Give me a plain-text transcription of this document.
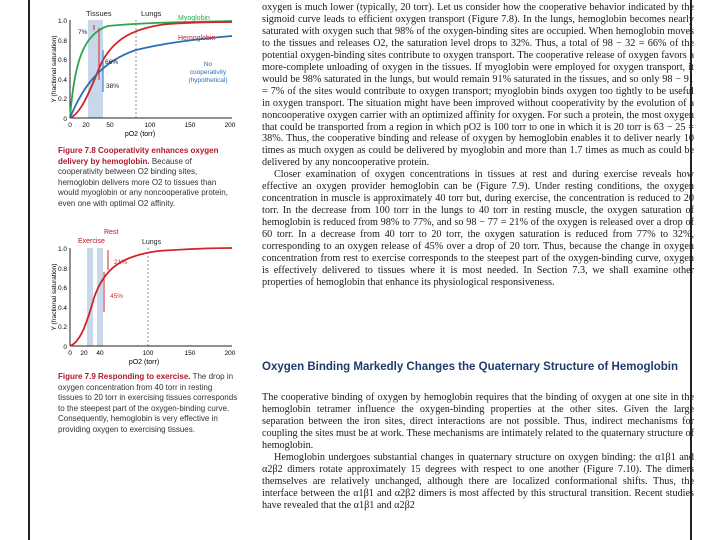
Tissues	Lungs
0
0.2
0.4
0.6
0.8
1.0
0 20	50	100	150	200
pO2 (torr)
Y (fractional saturation)
7%
66%
38%
Myoglobin
Hemoglobin
No
cooperativity
(hypothetical)
Figure 7.8 Cooperativity enhances oxygen delivery by hemoglobin. Because of cooperativity between O2 binding sites, hemoglobin delivers more O2 to tissues than would myoglobin or any noncooperative protein, even one with optimal O2 affinity.
Rest
Exercise	Lungs
0
0.2
0.4
0.6
0.8
1.0
0 20 40	100	150	200
pO2 (torr)
Y (fractional saturation)
21%
45%
Figure 7.9 Responding to exercise. The drop in oxygen concentration from 40 torr in resting tissues to 20 torr in exercising tissues corresponds to the steepest part of the oxygen-binding curve. Consequently, hemoglobin is very effective in providing oxygen to exercising tissues.

oxygen is much lower (typically, 20 torr). Let us consider how the cooperative behavior indicated by the sigmoid curve leads to efficient oxygen transport (Figure 7.8). In the lungs, hemoglobin becomes nearly saturated with oxygen such that 98% of the oxygen-binding sites are occupied. When hemoglobin moves to the tissues and releases O2, the saturation level drops to 32%. Thus, a total of 98 − 32 = 66% of the potential oxygen-binding sites contribute to oxygen transport. The cooperative release of oxygen favors a more-complete unloading of oxygen in the tissues. If myoglobin were employed for oxygen transport, it would be 98% saturated in the lungs, but would remain 91% saturated in the tissues, and so only 98 − 91 = 7% of the sites would contribute to oxygen transport; myoglobin binds oxygen too tightly to be useful in oxygen transport. The situation might have been improved without cooperativity by the evolution of a noncooperative oxygen carrier with an optimized affinity for oxygen. For such a protein, the most oxygen that could be transported from a region in which pO2 is 100 torr to one in which it is 20 torr is 63 − 25 = 38%. Thus, the cooperative binding and release of oxygen by hemoglobin enables it to deliver nearly 10 times as much oxygen as could be delivered by myoglobin and more than 1.7 times as much as could be delivered by any noncooperative protein.

Closer examination of oxygen concentrations in tissues at rest and during exercise reveals how effective an oxygen provider hemoglobin can be (Figure 7.9). Under resting conditions, the oxygen concentration in muscle is approximately 40 torr but, during exercise, the concentration is reduced to 20 torr. In the decrease from 100 torr in the lungs to 40 torr in resting muscle, the oxygen saturation of hemoglobin is reduced from 98% to 77%, and so 98 − 77 = 21% of the oxygen is released over a drop of 60 torr. In a decrease from 40 torr to 20 torr, the oxygen saturation is reduced from 77% to 32%, corresponding to an oxygen release of 45% over a drop of 20 torr. Thus, because the change in oxygen concentration from rest to exercise corresponds to the steepest part of the oxygen-binding curve, oxygen is effectively delivered to tissues where it is most needed. In Section 7.3, we shall examine other properties of hemoglobin that enhance its physiological responsiveness.

Oxygen Binding Markedly Changes the Quaternary Structure of Hemoglobin

The cooperative binding of oxygen by hemoglobin requires that the binding of oxygen at one site in the hemoglobin tetramer influence the oxygen-binding properties at the other sites. Given the large separation between the iron sites, direct interactions are not possible. Thus, indirect mechanisms for coupling the sites must be at work. These mechanisms are intimately related to the quaternary structure of hemoglobin.

Hemoglobin undergoes substantial changes in quaternary structure on oxygen binding: the α1β1 and α2β2 dimers rotate approximately 15 degrees with respect to one another (Figure 7.10). The dimers themselves are relatively unchanged, although there are localized conformational shifts. Thus, the interface between the α1β1 and α2β2 dimers is most affected by this structural transition. Recent studies have revealed that the α1β1 and α2β2
